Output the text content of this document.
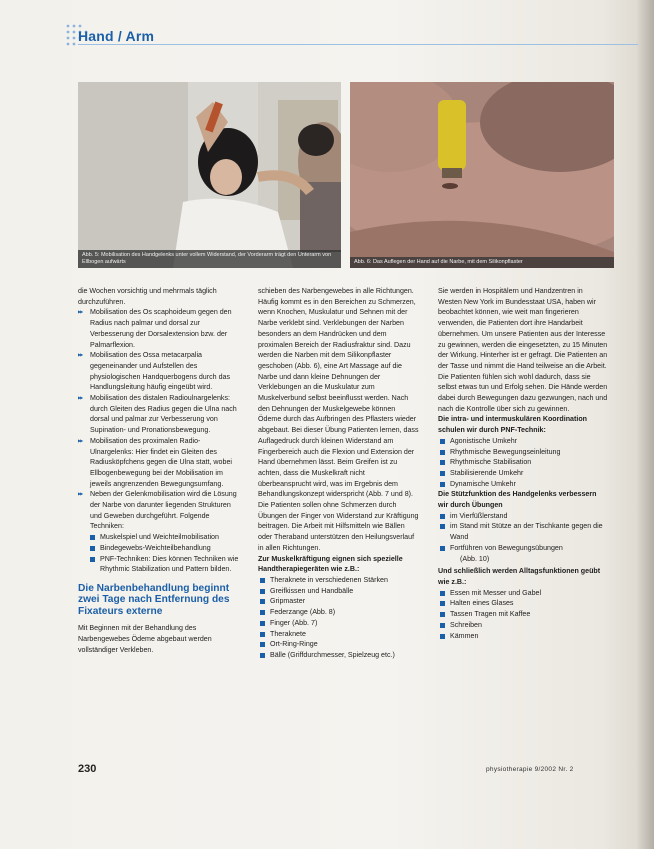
Hand / Arm
Abb. 5: Mobilisation des Handgelenks unter vollem Widerstand, der Vorderarm trägt den Unterarm von Ellbogen aufwärts	Abb. 6: Das Auflegen der Hand auf die Narbe, mit dem Silikonpflaster

die Wochen vorsichtig und mehrmals täglich durchzuführen.

▶▶ Mobilisation des Os scaphoideum gegen den Radius nach palmar und dorsal zur Verbesserung der Dorsalextension bzw. der Palmarflexion.
▶▶ Mobilisation des Ossa metacarpalia gegeneinander und Aufstellen des physiologischen Handquerbogens durch das Handlungsleitung häufig eingeübt wird.
▶▶ Mobilisation des distalen Radioulnargelenks: durch Gleiten des Radius gegen die Ulna nach dorsal und palmar zur Verbesserung von Supination- und Pronationsbewegung.
▶▶ Mobilisation des proximalen Radio-Ulnargelenks: Hier findet ein Gleiten des Radiusköpfchens gegen die Ulna statt, wobei Ellbogenbewegung bei der Mobilisation im jeweils angrenzenden Bewegungsumfang.
▶▶ Neben der Gelenkmobilisation wird die Lösung der Narbe von darunter liegenden Strukturen und Geweben durchgeführt. Folgende Techniken:
Muskelspiel und Weichteilmobilisation
Bindegewebs-Weichteilbehandlung
PNF-Techniken: Dies können Techniken wie Rhythmic Stabilization und Pattern bilden.
Die Narbenbehandlung beginnt zwei Tage nach Entfernung des Fixateurs externe

Mit Beginnen mit der Behandlung des Narbengewebes Ödeme abgebaut werden vollständiger Verkleben.

schieben des Narbengewebes in alle Richtungen. Häufig kommt es in den Bereichen zu Schmerzen, wenn Knochen, Muskulatur und Sehnen mit der Narbe verklebt sind. Verklebungen der Narben besonders an dem Handrücken und dem proximalen Bereich der Radiusfraktur sind. Dazu werden die Narben mit dem Silikonpflaster geschoben (Abb. 6), eine Art Massage auf die Narbe und dann kleine Dehnungen der Verklebungen an die Muskulatur zum Muskelverbund selbst beeinflusst werden. Nach den Dehnungen der Muskelgewebe können Ödeme durch das Aufbringen des Pflasters wieder abgebaut. Bei dieser Übung Patienten lernen, dass Auflagedruck durch kleinen Widerstand am Fingerbereich auch die Flexion und Extension der Hand übernehmen lässt. Beim Greifen ist zu achten, dass die Muskelkraft nicht überbeansprucht wird, was im Ergebnis dem Behandlungskonzept widerspricht (Abb. 7 und 8). Die Patienten sollen ohne Schmerzen durch Übungen der Finger von Widerstand zur Kräftigung beitragen. Die Arbeit mit Hilfsmitteln wie Bällen oder Theraband unterstützen den Heilungsverlauf in allen Richtungen.

Zur Muskelkräftigung eignen sich spezielle Handtherapiegeräten wie z.B.:

Theraknete in verschiedenen Stärken
Greifkissen und Handbälle
Gripmaster
Federzange (Abb. 8)
Finger (Abb. 7)
Theraknete
Ort-Ring-Ringe
Bälle (Griffdurchmesser, Spielzeug etc.)

Sie werden in Hospitälern und Handzentren in Westen New York im Bundesstaat USA, haben wir beobachtet können, wie weit man fingerieren verwenden, die Patienten dort ihre Handarbeit übernehmen. Um unsere Patienten aus der Interesse zu gewinnen, werden die eingesetzten, zu 15 Minuten der Wirkung. Hinterher ist er gefragt. Die Patienten an der Tasse und nimmt die Hand teilweise an die Arbeit. Die Patienten fühlen sich wohl dadurch, dass sie selbst etwas tun und Erfolg sehen. Die Hände werden dabei durch Bewegungen dazu gezwungen, nach und nach die Kontrolle über sich zu gewinnen.

Die intra- und intermuskulären Koordination schulen wir durch PNF-Technik:

Agonistische Umkehr
Rhythmische Bewegungseinleitung
Rhythmische Stabilisation
Stabilisierende Umkehr
Dynamische Umkehr

Die Stützfunktion des Handgelenks verbessern wir durch Übungen

im Vierfüßlerstand
im Stand mit Stütze an der Tischkante gegen die Wand
Fortführen von Bewegungsübungen
(Abb. 10)

Und schließlich werden Alltagsfunktionen geübt wie z.B.:

Essen mit Messer und Gabel
Halten eines Glases
Tassen Tragen mit Kaffee
Schreiben
Kämmen
230	physiotherapie 9/2002 Nr. 2
